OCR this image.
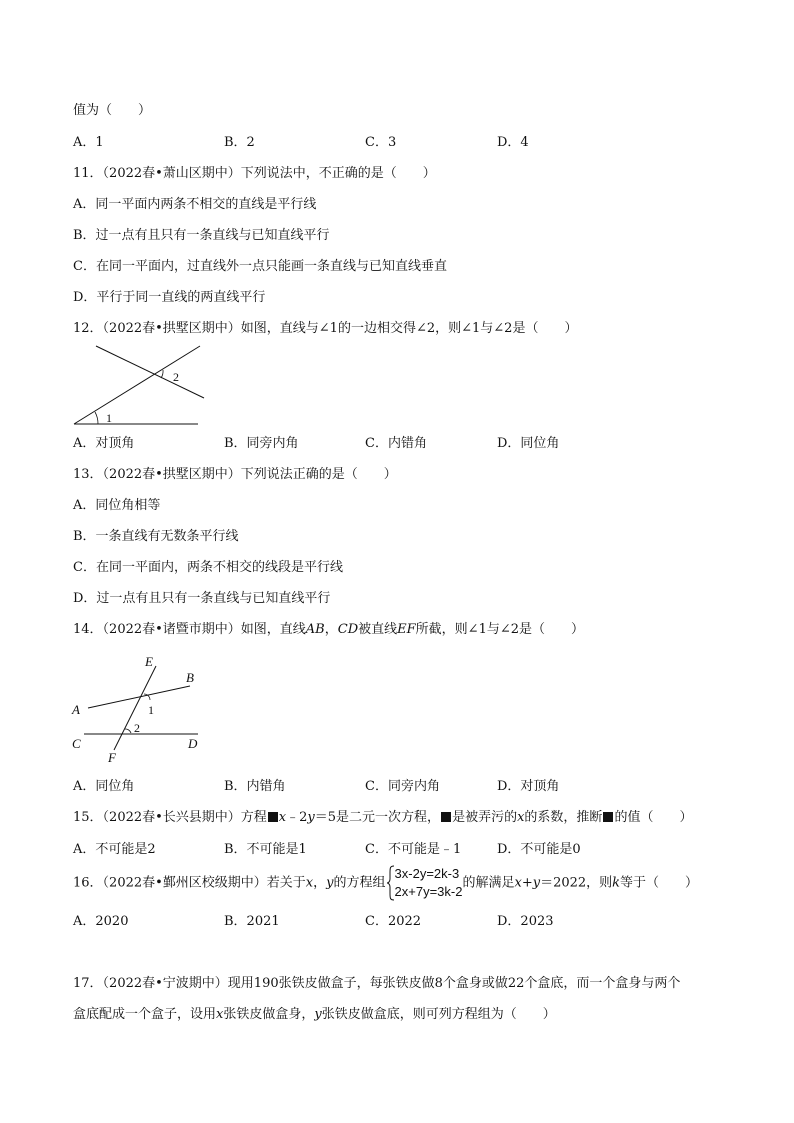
值为（　　）
A．1	B．2	C．3	D．4
11．（2022春•萧山区期中）下列说法中，不正确的是（　　）
A．同一平面内两条不相交的直线是平行线
B．过一点有且只有一条直线与已知直线平行
C．在同一平面内，过直线外一点只能画一条直线与已知直线垂直
D．平行于同一直线的两直线平行
12．（2022春•拱墅区期中）如图，直线与∠1的一边相交得∠2，则∠1与∠2是（　　）
2
1
A．对顶角	B．同旁内角	C．内错角	D．同位角
13．（2022春•拱墅区期中）下列说法正确的是（　　）
A．同位角相等
B．一条直线有无数条平行线
C．在同一平面内，两条不相交的线段是平行线
D．过一点有且只有一条直线与已知直线平行
14．（2022春•诸暨市期中）如图，直线AB，CD被直线EF所截，则∠1与∠2是（　　）
E
B
A	1
2
C	D
F
A．同位角	B．内错角	C．同旁内角	D．对顶角
15．（2022春•长兴县期中）方程 x﹣2y＝5是二元一次方程， 是被弄污的x的系数，推断 的值（　　）
A．不可能是2	B．不可能是1	C．不可能是﹣1	D．不可能是0
16．（2022春•鄞州区校级期中）若关于x，y的方程组
3x-2y=2k-3
2x+7y=3k-2
的解满足x+y＝2022，则k等于（　　）
A．2020	B．2021	C．2022	D．2023
17．（2022春•宁波期中）现用190张铁皮做盒子，每张铁皮做8个盒身或做22个盒底，而一个盒身与两个
盒底配成一个盒子，设用x张铁皮做盒身，y张铁皮做盒底，则可列方程组为（　　）
